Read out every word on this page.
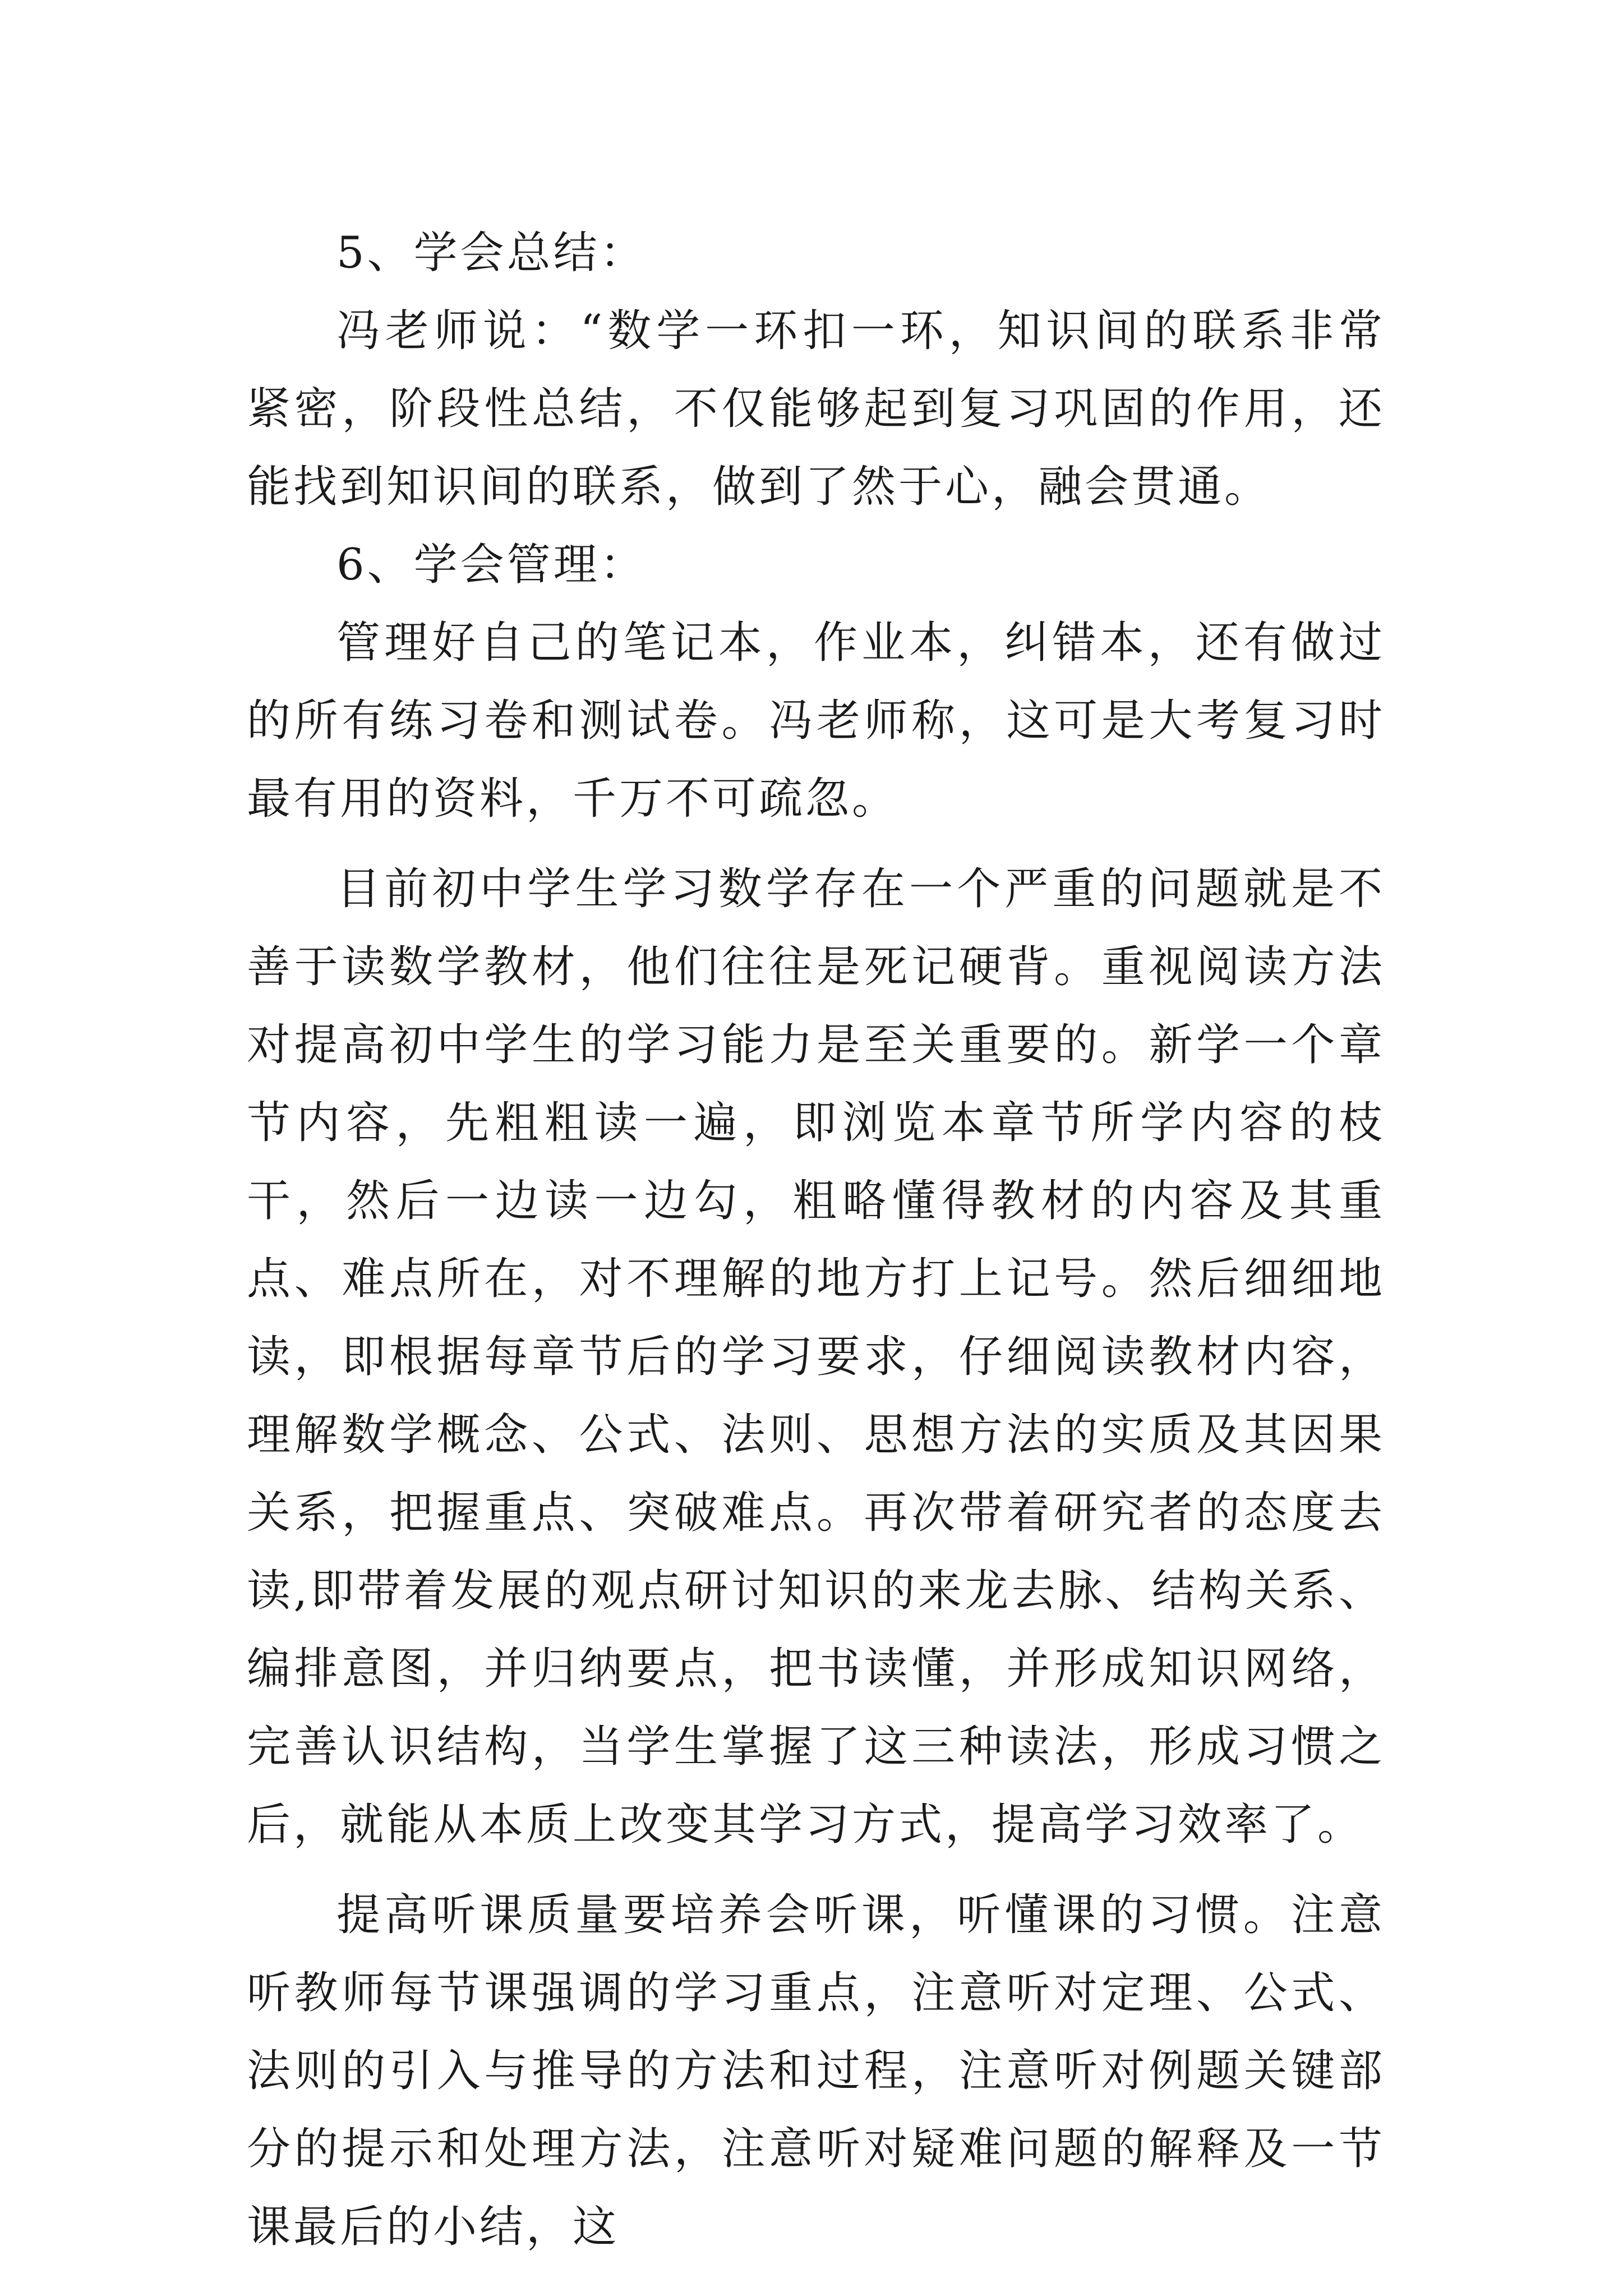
5、学会总结：

冯老师说：“数学一环扣一环，知识间的联系非常紧密，阶段性总结，不仅能够起到复习巩固的作用，还能找到知识间的联系，做到了然于心，融会贯通。

6、学会管理：

管理好自己的笔记本，作业本，纠错本，还有做过的所有练习卷和测试卷。冯老师称，这可是大考复习时最有用的资料，千万不可疏忽。

目前初中学生学习数学存在一个严重的问题就是不善于读数学教材，他们往往是死记硬背。重视阅读方法对提高初中学生的学习能力是至关重要的。新学一个章节内容，先粗粗读一遍，即浏览本章节所学内容的枝干，然后一边读一边勾，粗略懂得教材的内容及其重点、难点所在，对不理解的地方打上记号。然后细细地读，即根据每章节后的学习要求，仔细阅读教材内容，理解数学概念、公式、法则、思想方法的实质及其因果关系，把握重点、突破难点。再次带着研究者的态度去读,即带着发展的观点研讨知识的来龙去脉、结构关系、编排意图，并归纳要点，把书读懂，并形成知识网络，完善认识结构，当学生掌握了这三种读法，形成习惯之后，就能从本质上改变其学习方式，提高学习效率了。

提高听课质量要培养会听课，听懂课的习惯。注意听教师每节课强调的学习重点，注意听对定理、公式、法则的引入与推导的方法和过程，注意听对例题关键部分的提示和处理方法，注意听对疑难问题的解释及一节课最后的小结，这
